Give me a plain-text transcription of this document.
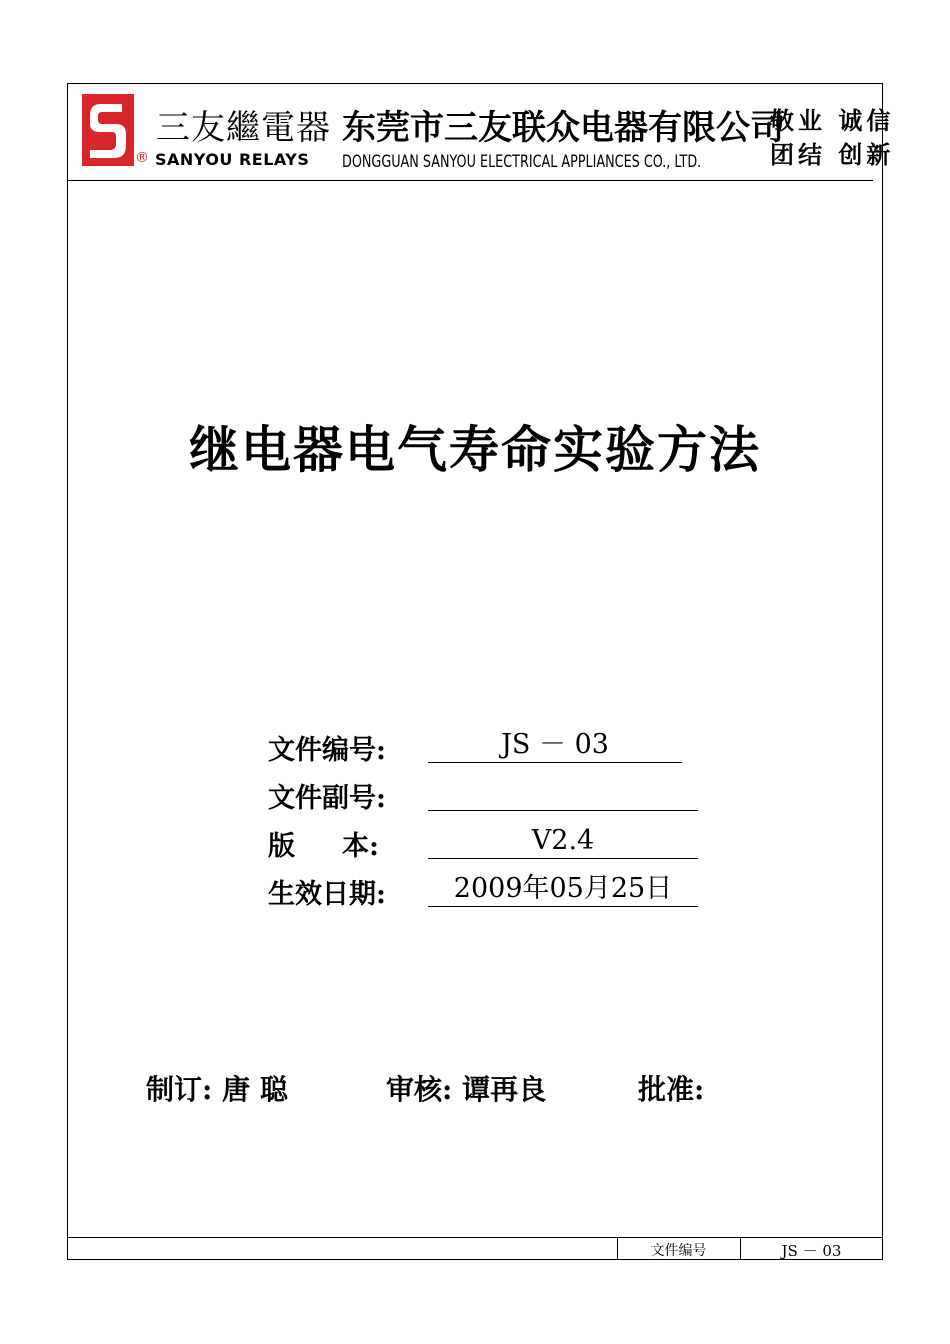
®
三友繼電器
SANYOU RELAYS
东莞市三友联众电器有限公司
DONGGUAN SANYOU ELECTRICAL APPLIANCES CO., LTD.
敬业 诚信
团结 创新
继电器电气寿命实验方法
文件编号:	JS － 03
文件副号:
版     本:	V2.4
生效日期:	2009年05月25日
制订: 唐 聪	审核: 谭再良	批准:
文件编号	JS － 03
